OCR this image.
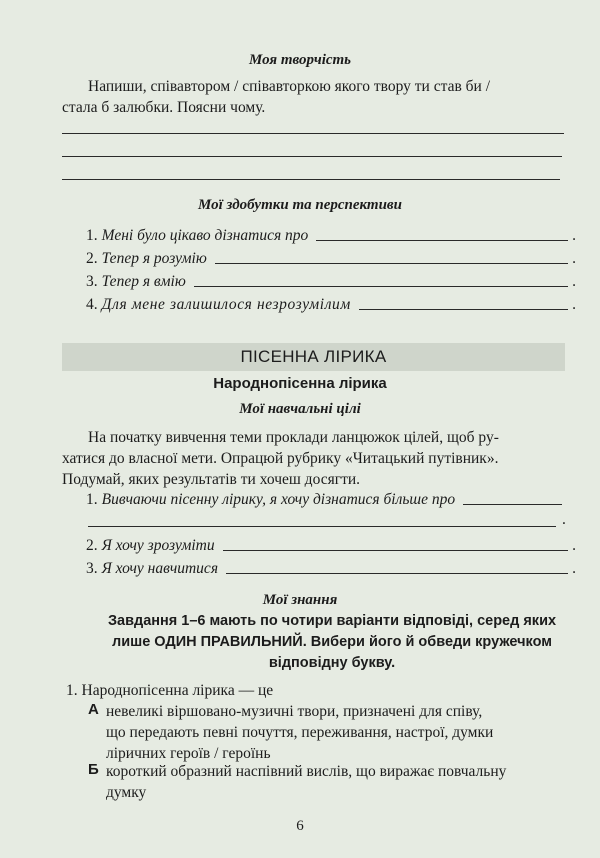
Моя творчість
Напиши, співавтором / співавторкою якого твору ти став би /
стала б залюбки. Поясни чому.
Мої здобутки та перспективи
1. Мені було цікаво дізнатися про	.
2. Тепер я розумію	.
3. Тепер я вмію	.
4. Для мене залишилося незрозумілим	.
ПІСЕННА ЛІРИКА
Народнопісенна лірика
Мої навчальні цілі
На початку вивчення теми проклади ланцюжок цілей, щоб ру-
хатися до власної мети. Опрацюй рубрику «Читацький путівник».
Подумай, яких результатів ти хочеш досягти.
1. Вивчаючи пісенну лірику, я хочу дізнатися більше про
.
2. Я хочу зрозуміти	.
3. Я хочу навчитися	.
Мої знання
Завдання 1–6 мають по чотири варіанти відповіді, серед яких
лише ОДИН ПРАВИЛЬНИЙ. Вибери його й обведи кружечком
відповідну букву.
1. Народнопісенна лірика — це
А невеликі віршовано-музичні твори, призначені для співу,
що передають певні почуття, переживання, настрої, думки
ліричних героїв / героїнь
Б короткий образний наспівний вислів, що виражає повчальну
думку
6
